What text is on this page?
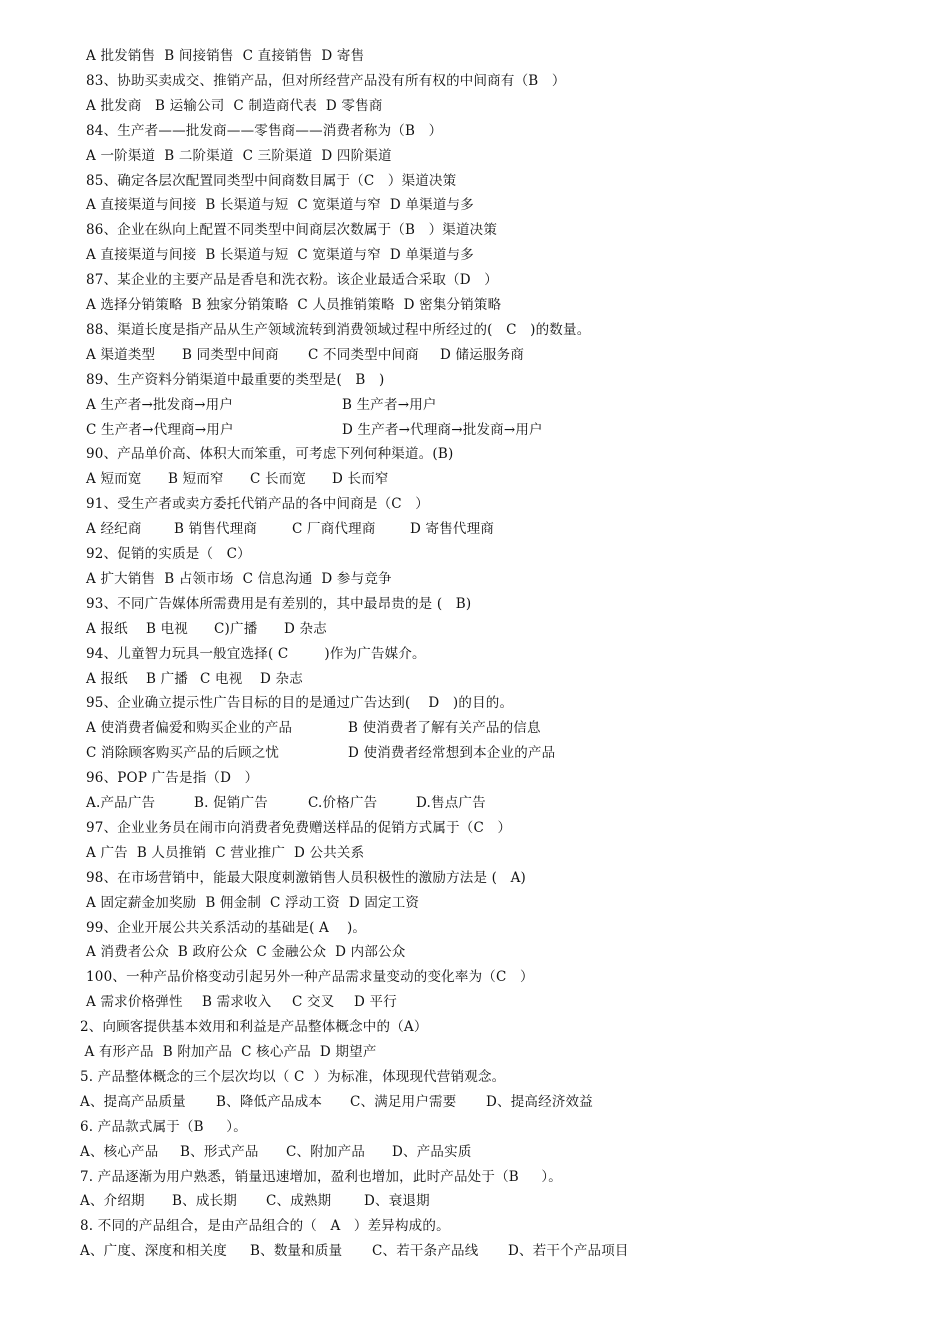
A 批发销售  B 间接销售  C 直接销售  D 寄售
83、协助买卖成交、推销产品，但对所经营产品没有所有权的中间商有（B   ）
A 批发商   B 运输公司  C 制造商代表  D 零售商
84、生产者——批发商——零售商——消费者称为（B   ）
A 一阶渠道  B 二阶渠道  C 三阶渠道  D 四阶渠道
85、确定各层次配置同类型中间商数目属于（C   ）渠道决策
A 直接渠道与间接  B 长渠道与短  C 宽渠道与窄  D 单渠道与多
86、企业在纵向上配置不同类型中间商层次数属于（B   ）渠道决策
A 直接渠道与间接  B 长渠道与短  C 宽渠道与窄  D 单渠道与多
87、某企业的主要产品是香皂和洗衣粉。该企业最适合采取（D   ）
A 选择分销策略  B 独家分销策略  C 人员推销策略  D 密集分销策略
88、渠道长度是指产品从生产领域流转到消费领域过程中所经过的(   C   )的数量。
A 渠道类型 B 同类型中间商 C 不同类型中间商 D 储运服务商
89、生产资料分销渠道中最重要的类型是(   B   )
A 生产者→批发商→用户	B 生产者→用户
C 生产者→代理商→用户	D 生产者→代理商→批发商→用户
90、产品单价高、体积大而笨重，可考虑下列何种渠道。(B)
A 短而宽 B 短而窄 C 长而宽 D 长而窄
91、受生产者或卖方委托代销产品的各中间商是（C   ）
A 经纪商 B 销售代理商	C 厂商代理商	D 寄售代理商
92、促销的实质是（   C）
A 扩大销售  B 占领市场  C 信息沟通  D 参与竞争
93、不同广告媒体所需费用是有差别的，其中最昂贵的是 (   B)
A 报纸 B 电视 C)广播 D 杂志
94、儿童智力玩具一般宜选择( C        )作为广告媒介。
A 报纸 B 广播 C 电视 D 杂志
95、企业确立提示性广告目标的目的是通过广告达到(    D   )的目的。
A 使消费者偏爱和购买企业的产品	B 使消费者了解有关产品的信息
C 消除顾客购买产品的后顾之忧	D 使消费者经常想到本企业的产品
96、POP 广告是指（D   ）
A.产品广告	B. 促销广告	C.价格广告	D.售点广告
97、企业业务员在闹市向消费者免费赠送样品的促销方式属于（C   ）
A 广告  B 人员推销  C 营业推广  D 公共关系
98、在市场营销中，能最大限度刺激销售人员积极性的激励方法是 (   A)
A 固定薪金加奖励  B 佣金制  C 浮动工资  D 固定工资
99、企业开展公共关系活动的基础是( A    )。
A 消费者公众  B 政府公众  C 金融公众  D 内部公众
100、一种产品价格变动引起另外一种产品需求量变动的变化率为（C   ）
A 需求价格弹性 B 需求收入 C 交叉 D 平行
2、向顾客提供基本效用和利益是产品整体概念中的（A）
A 有形产品  B 附加产品  C 核心产品  D 期望产
5. 产品整体概念的三个层次均以（ C  ）为标准，体现现代营销观念。
A、提高产品质量 B、降低产品成本 C、满足用户需要 D、提高经济效益
6. 产品款式属于（B     ）。
A、核心产品 B、形式产品 C、附加产品 D、产品实质
7. 产品逐渐为用户熟悉，销量迅速增加，盈利也增加，此时产品处于（B     ）。
A、介绍期 B、成长期 C、成熟期 D、衰退期
8. 不同的产品组合，是由产品组合的（   A   ）差异构成的。
A、广度、深度和相关度 B、数量和质量 C、若干条产品线 D、若干个产品项目
